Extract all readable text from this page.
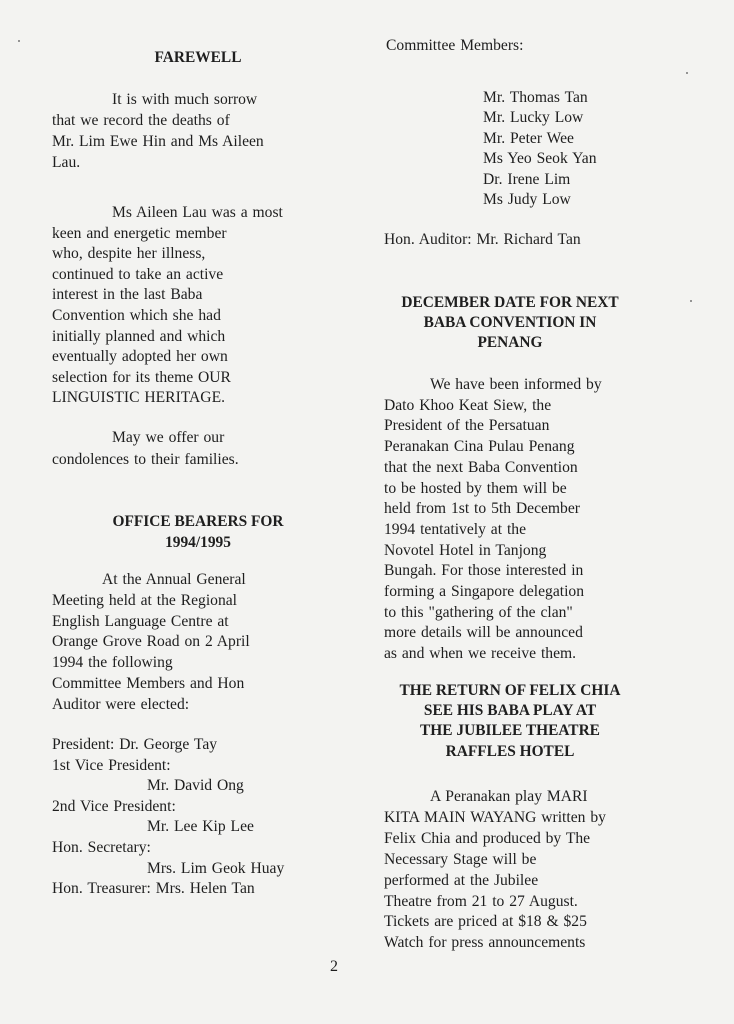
2
FAREWELL
It is with much sorrow
that we record the deaths of
Mr. Lim Ewe Hin and Ms Aileen
Lau.
Ms Aileen Lau was a most
keen and energetic member
who, despite her illness,
continued to take an active
interest in the last Baba
Convention which she had
initially planned and which
eventually adopted her own
selection for its theme OUR
LINGUISTIC HERITAGE.
May we offer our
condolences to their families.
OFFICE BEARERS FOR
1994/1995
At the Annual General
Meeting held at the Regional
English Language Centre at
Orange Grove Road on 2 April
1994 the following
Committee Members and Hon
Auditor were elected:
President: Dr. George Tay
1st Vice President:
Mr. David Ong
2nd Vice President:
Mr. Lee Kip Lee
Hon. Secretary:
Mrs. Lim Geok Huay
Hon. Treasurer: Mrs. Helen Tan
Committee Members:
Mr. Thomas Tan
Mr. Lucky Low
Mr. Peter Wee
Ms Yeo Seok Yan
Dr. Irene Lim
Ms Judy Low
Hon. Auditor: Mr. Richard Tan
DECEMBER DATE FOR NEXT
BABA CONVENTION IN
PENANG
We have been informed by
Dato Khoo Keat Siew, the
President of the Persatuan
Peranakan Cina Pulau Penang
that the next Baba Convention
to be hosted by them will be
held from 1st to 5th December
1994 tentatively at the
Novotel Hotel in Tanjong
Bungah. For those interested in
forming a Singapore delegation
to this "gathering of the clan"
more details will be announced
as and when we receive them.
THE RETURN OF FELIX CHIA
SEE HIS BABA PLAY AT
THE JUBILEE THEATRE
RAFFLES HOTEL
A Peranakan play MARI
KITA MAIN WAYANG written by
Felix Chia and produced by The
Necessary Stage will be
performed at the Jubilee
Theatre from 21 to 27 August.
Tickets are priced at $18 & $25
Watch for press announcements
